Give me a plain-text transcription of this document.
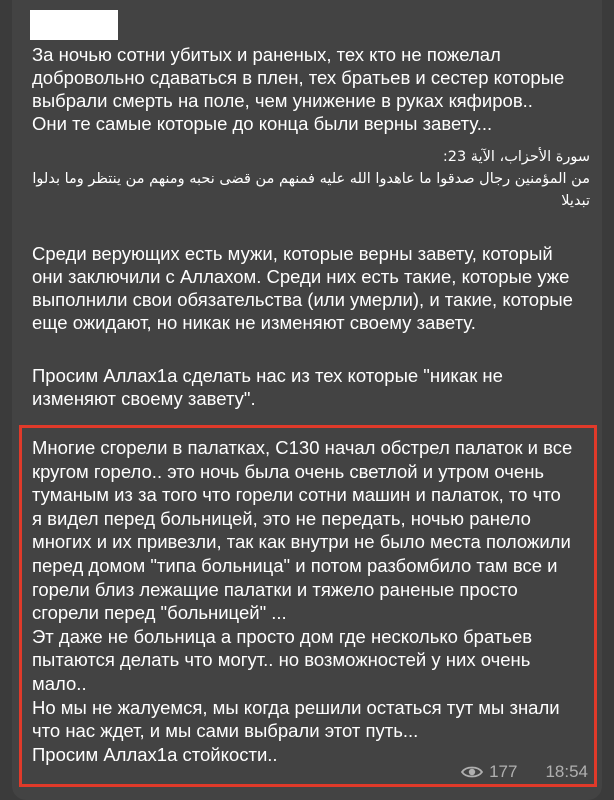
За ночью сотни убитых и раненых, тех кто не пожелал

добровольно сдаваться в плен, тех братьев и сестер которые

выбрали смерть на поле, чем унижение в руках кяфиров..

Они те самые которые до конца были верны завету...

سورة الأحزاب، الآية 23:

من المؤمنين رجال صدقوا ما عاهدوا الله عليه فمنهم من قضى نحبه ومنهم من ينتظر وما بدلوا

تبديلا

Среди верующих есть мужи, которые верны завету, который

они заключили с Аллахом. Среди них есть такие, которые уже

выполнили свои обязательства (или умерли), и такие, которые

еще ожидают, но никак не изменяют своему завету.

Просим Аллах1а сделать нас из тех которые "никак не

изменяют своему завету".

Многие сгорели в палатках, С130 начал обстрел палаток и все

кругом горело.. это ночь была очень светлой и утром очень

туманым из за того что горели сотни машин и палаток, то что

я видел перед больницей, это не передать, ночью ранело

многих и их привезли, так как внутри не было места положили

перед домом "типа больница" и потом разбомбило там все и

горели близ лежащие палатки и тяжело раненые просто

сгорели перед "больницей" ...

Эт даже не больница а просто дом где несколько братьев

пытаются делать что могут.. но возможностей у них очень

мало..

Но мы не жалуемся, мы когда решили остаться тут мы знали

что нас ждет, и мы сами выбрали этот путь...

Просим Аллах1а стойкости..

177 18:54
